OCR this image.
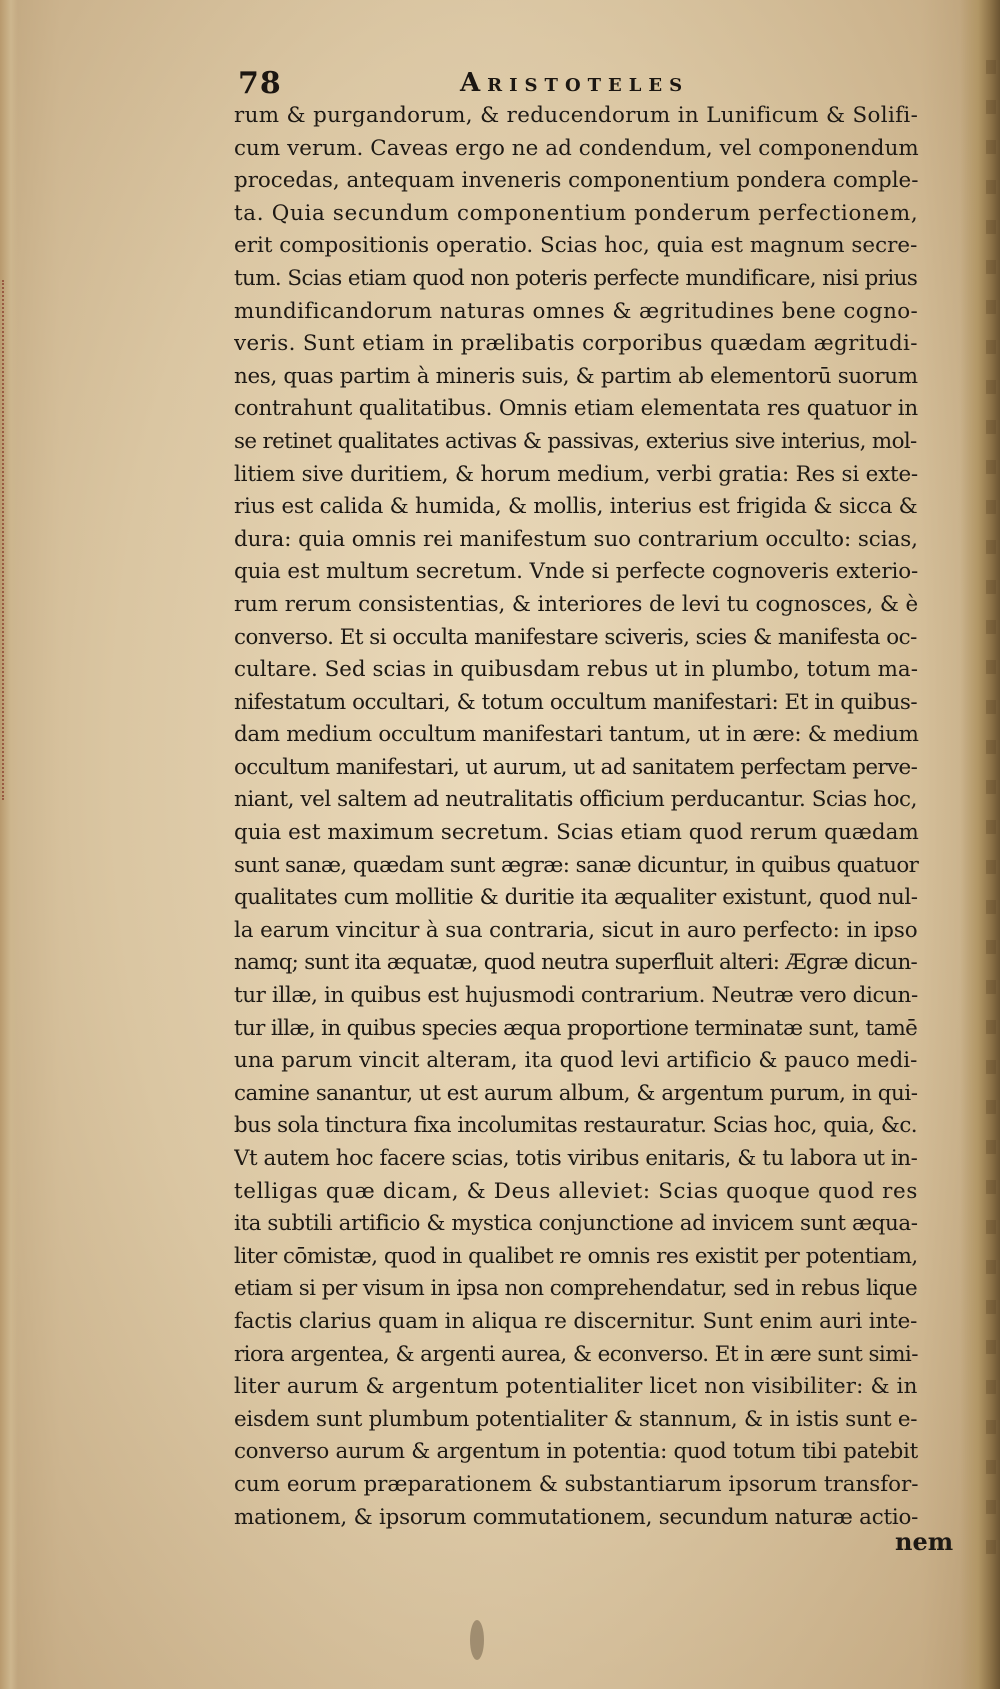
78	Aristoteles
rum & purgandorum, & reducendorum in Lunificum & Solifi-
cum verum. Caveas ergo ne ad condendum, vel componendum
procedas, antequam inveneris componentium pondera comple-
ta. Quia secundum componentium ponderum perfectionem,
erit compositionis operatio. Scias hoc, quia est magnum secre-
tum. Scias etiam quod non poteris perfecte mundificare, nisi prius
mundificandorum naturas omnes & ægritudines bene cogno-
veris. Sunt etiam in prælibatis corporibus quædam ægritudi-
nes, quas partim à mineris suis, & partim ab elementorū suorum
contrahunt qualitatibus. Omnis etiam elementata res quatuor in
se retinet qualitates activas & passivas, exterius sive interius, mol-
litiem sive duritiem, & horum medium, verbi gratia: Res si exte-
rius est calida & humida, & mollis, interius est frigida & sicca &
dura: quia omnis rei manifestum suo contrarium occulto: scias,
quia est multum secretum. Vnde si perfecte cognoveris exterio-
rum rerum consistentias, & interiores de levi tu cognosces, & è
converso. Et si occulta manifestare sciveris, scies & manifesta oc-
cultare. Sed scias in quibusdam rebus ut in plumbo, totum ma-
nifestatum occultari, & totum occultum manifestari: Et in quibus-
dam medium occultum manifestari tantum, ut in ære: & medium
occultum manifestari, ut aurum, ut ad sanitatem perfectam perve-
niant, vel saltem ad neutralitatis officium perducantur. Scias hoc,
quia est maximum secretum. Scias etiam quod rerum quædam
sunt sanæ, quædam sunt ægræ: sanæ dicuntur, in quibus quatuor
qualitates cum mollitie & duritie ita æqualiter existunt, quod nul-
la earum vincitur à sua contraria, sicut in auro perfecto: in ipso
namq; sunt ita æquatæ, quod neutra superfluit alteri: Ægræ dicun-
tur illæ, in quibus est hujusmodi contrarium. Neutræ vero dicun-
tur illæ, in quibus species æqua proportione terminatæ sunt, tamē
una parum vincit alteram, ita quod levi artificio & pauco medi-
camine sanantur, ut est aurum album, & argentum purum, in qui-
bus sola tinctura fixa incolumitas restauratur. Scias hoc, quia, &c.
Vt autem hoc facere scias, totis viribus enitaris, & tu labora ut in-
telligas quæ dicam, & Deus alleviet: Scias quoque quod res
ita subtili artificio & mystica conjunctione ad invicem sunt æqua-
liter cōmistæ, quod in qualibet re omnis res existit per potentiam,
etiam si per visum in ipsa non comprehendatur, sed in rebus lique
factis clarius quam in aliqua re discernitur. Sunt enim auri inte-
riora argentea, & argenti aurea, & econverso. Et in ære sunt simi-
liter aurum & argentum potentialiter licet non visibiliter: & in
eisdem sunt plumbum potentialiter & stannum, & in istis sunt e-
converso aurum & argentum in potentia: quod totum tibi patebit
cum eorum præparationem & substantiarum ipsorum transfor-
mationem, & ipsorum commutationem, secundum naturæ actio-
nem
